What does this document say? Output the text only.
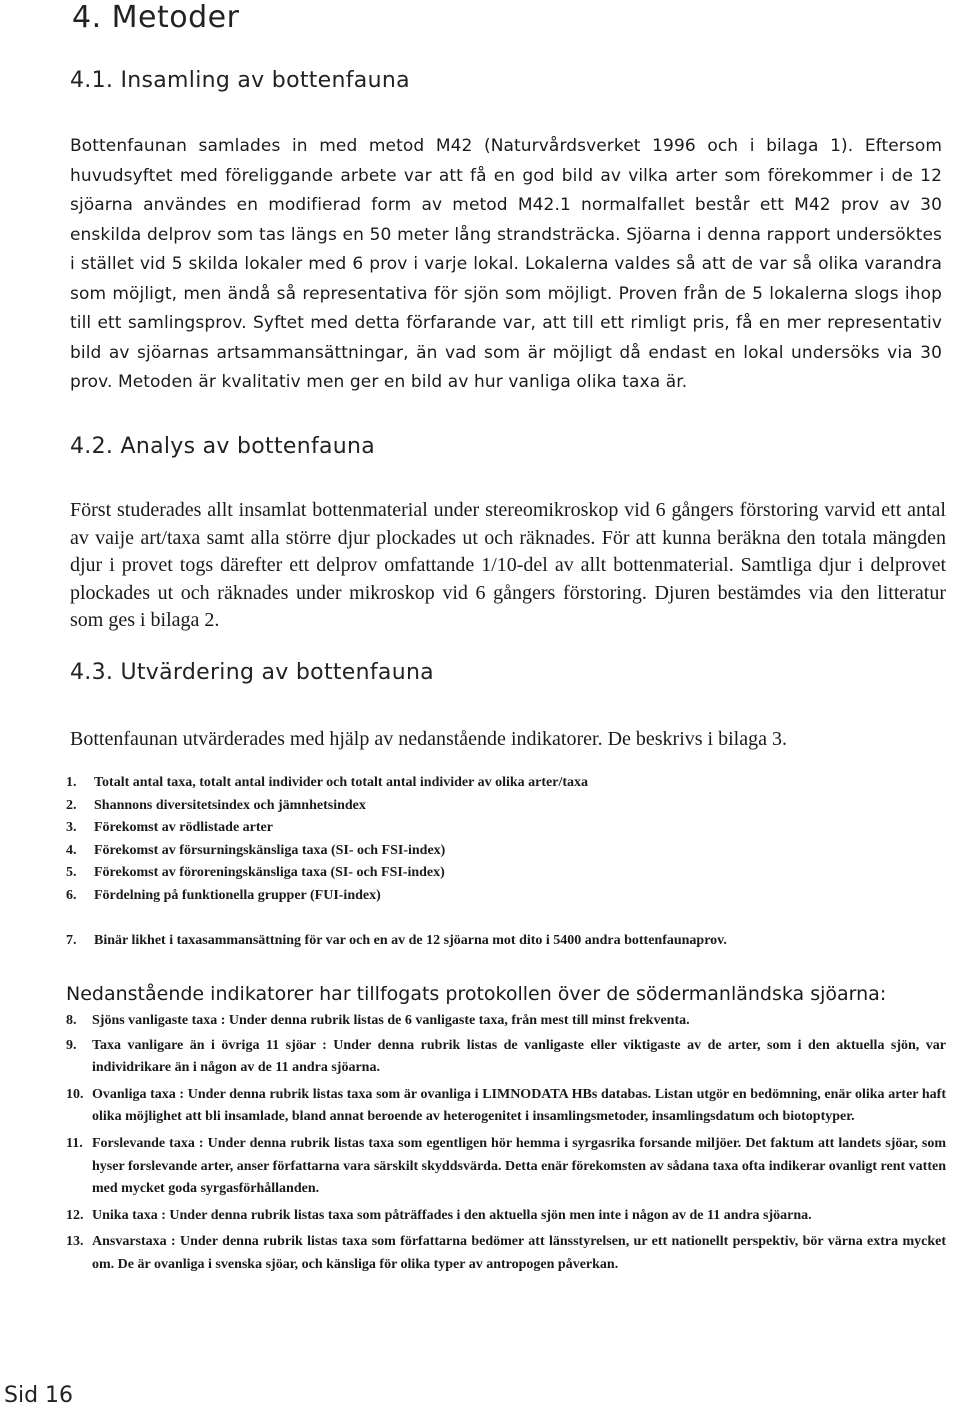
4. Metoder
4.1. Insamling av bottenfauna

Bottenfaunan samlades in med metod M42 (Naturvårdsverket 1996 och i bilaga 1). Eftersom huvudsyftet med föreliggande arbete var att få en god bild av vilka arter som förekommer i de 12 sjöarna användes en modifierad form av metod M42.1 normalfallet består ett M42 prov av 30 enskilda delprov som tas längs en 50 meter lång strandsträcka. Sjöarna i denna rapport undersöktes i stället vid 5 skilda lokaler med 6 prov i varje lokal. Lokalerna valdes så att de var så olika varandra som möjligt, men ändå så representativa för sjön som möjligt. Proven från de 5 lokalerna slogs ihop till ett samlingsprov. Syftet med detta förfarande var, att till ett rimligt pris, få en mer representativ bild av sjöarnas artsammansättningar, än vad som är möjligt då endast en lokal undersöks via 30 prov. Metoden är kvalitativ men ger en bild av hur vanliga olika taxa är.

4.2. Analys av bottenfauna

Först studerades allt insamlat bottenmaterial under stereomikroskop vid 6 gångers förstoring varvid ett antal av vaije art/taxa samt alla större djur plockades ut och räknades. För att kunna beräkna den totala mängden djur i provet togs därefter ett delprov omfattande 1/10-del av allt bottenmaterial. Samtliga djur i delprovet plockades ut och räknades under mikroskop vid 6 gångers förstoring. Djuren bestämdes via den litteratur som ges i bilaga 2.

4.3. Utvärdering av bottenfauna

Bottenfaunan utvärderades med hjälp av nedanstående indikatorer. De beskrivs i bilaga 3.

1. Totalt antal taxa, totalt antal individer och totalt antal individer av olika arter/taxa
2. Shannons diversitetsindex och jämnhetsindex
3. Förekomst av rödlistade arter
4. Förekomst av försurningskänsliga taxa (SI- och FSI-index)
5. Förekomst av föroreningskänsliga taxa (SI- och FSI-index)
6. Fördelning på funktionella grupper (FUI-index)
7. Binär likhet i taxasammansättning för var och en av de 12 sjöarna mot dito i 5400 andra bottenfaunaprov.

Nedanstående indikatorer har tillfogats protokollen över de södermanländska sjöarna:

8.	Sjöns vanligaste taxa : Under denna rubrik listas de 6 vanligaste taxa, från mest till minst frekventa.
9.	Taxa vanligare än i övriga 11 sjöar : Under denna rubrik listas de vanligaste eller viktigaste av de arter, som i den aktuella sjön, var individrikare än i någon av de 11 andra sjöarna.
10. Ovanliga taxa : Under denna rubrik listas taxa som är ovanliga i LIMNODATA HBs databas. Listan utgör en bedömning, enär olika arter haft olika möjlighet att bli insamlade, bland annat beroende av heterogenitet i insamlingsmetoder, insamlingsdatum och biotoptyper.
11. Forslevande taxa : Under denna rubrik listas taxa som egentligen hör hemma i syrgasrika forsande miljöer. Det faktum att landets sjöar, som hyser forslevande arter, anser författarna vara särskilt skyddsvärda. Detta enär förekomsten av sådana taxa ofta indikerar ovanligt rent vatten med mycket goda syrgasförhållanden.
12. Unika taxa : Under denna rubrik listas taxa som påträffades i den aktuella sjön men inte i någon av de 11 andra sjöarna.
13. Ansvarstaxa : Under denna rubrik listas taxa som författarna bedömer att länsstyrelsen, ur ett nationellt perspektiv, bör värna extra mycket om. De är ovanliga i svenska sjöar, och känsliga för olika typer av antropogen påverkan.
Sid 16
